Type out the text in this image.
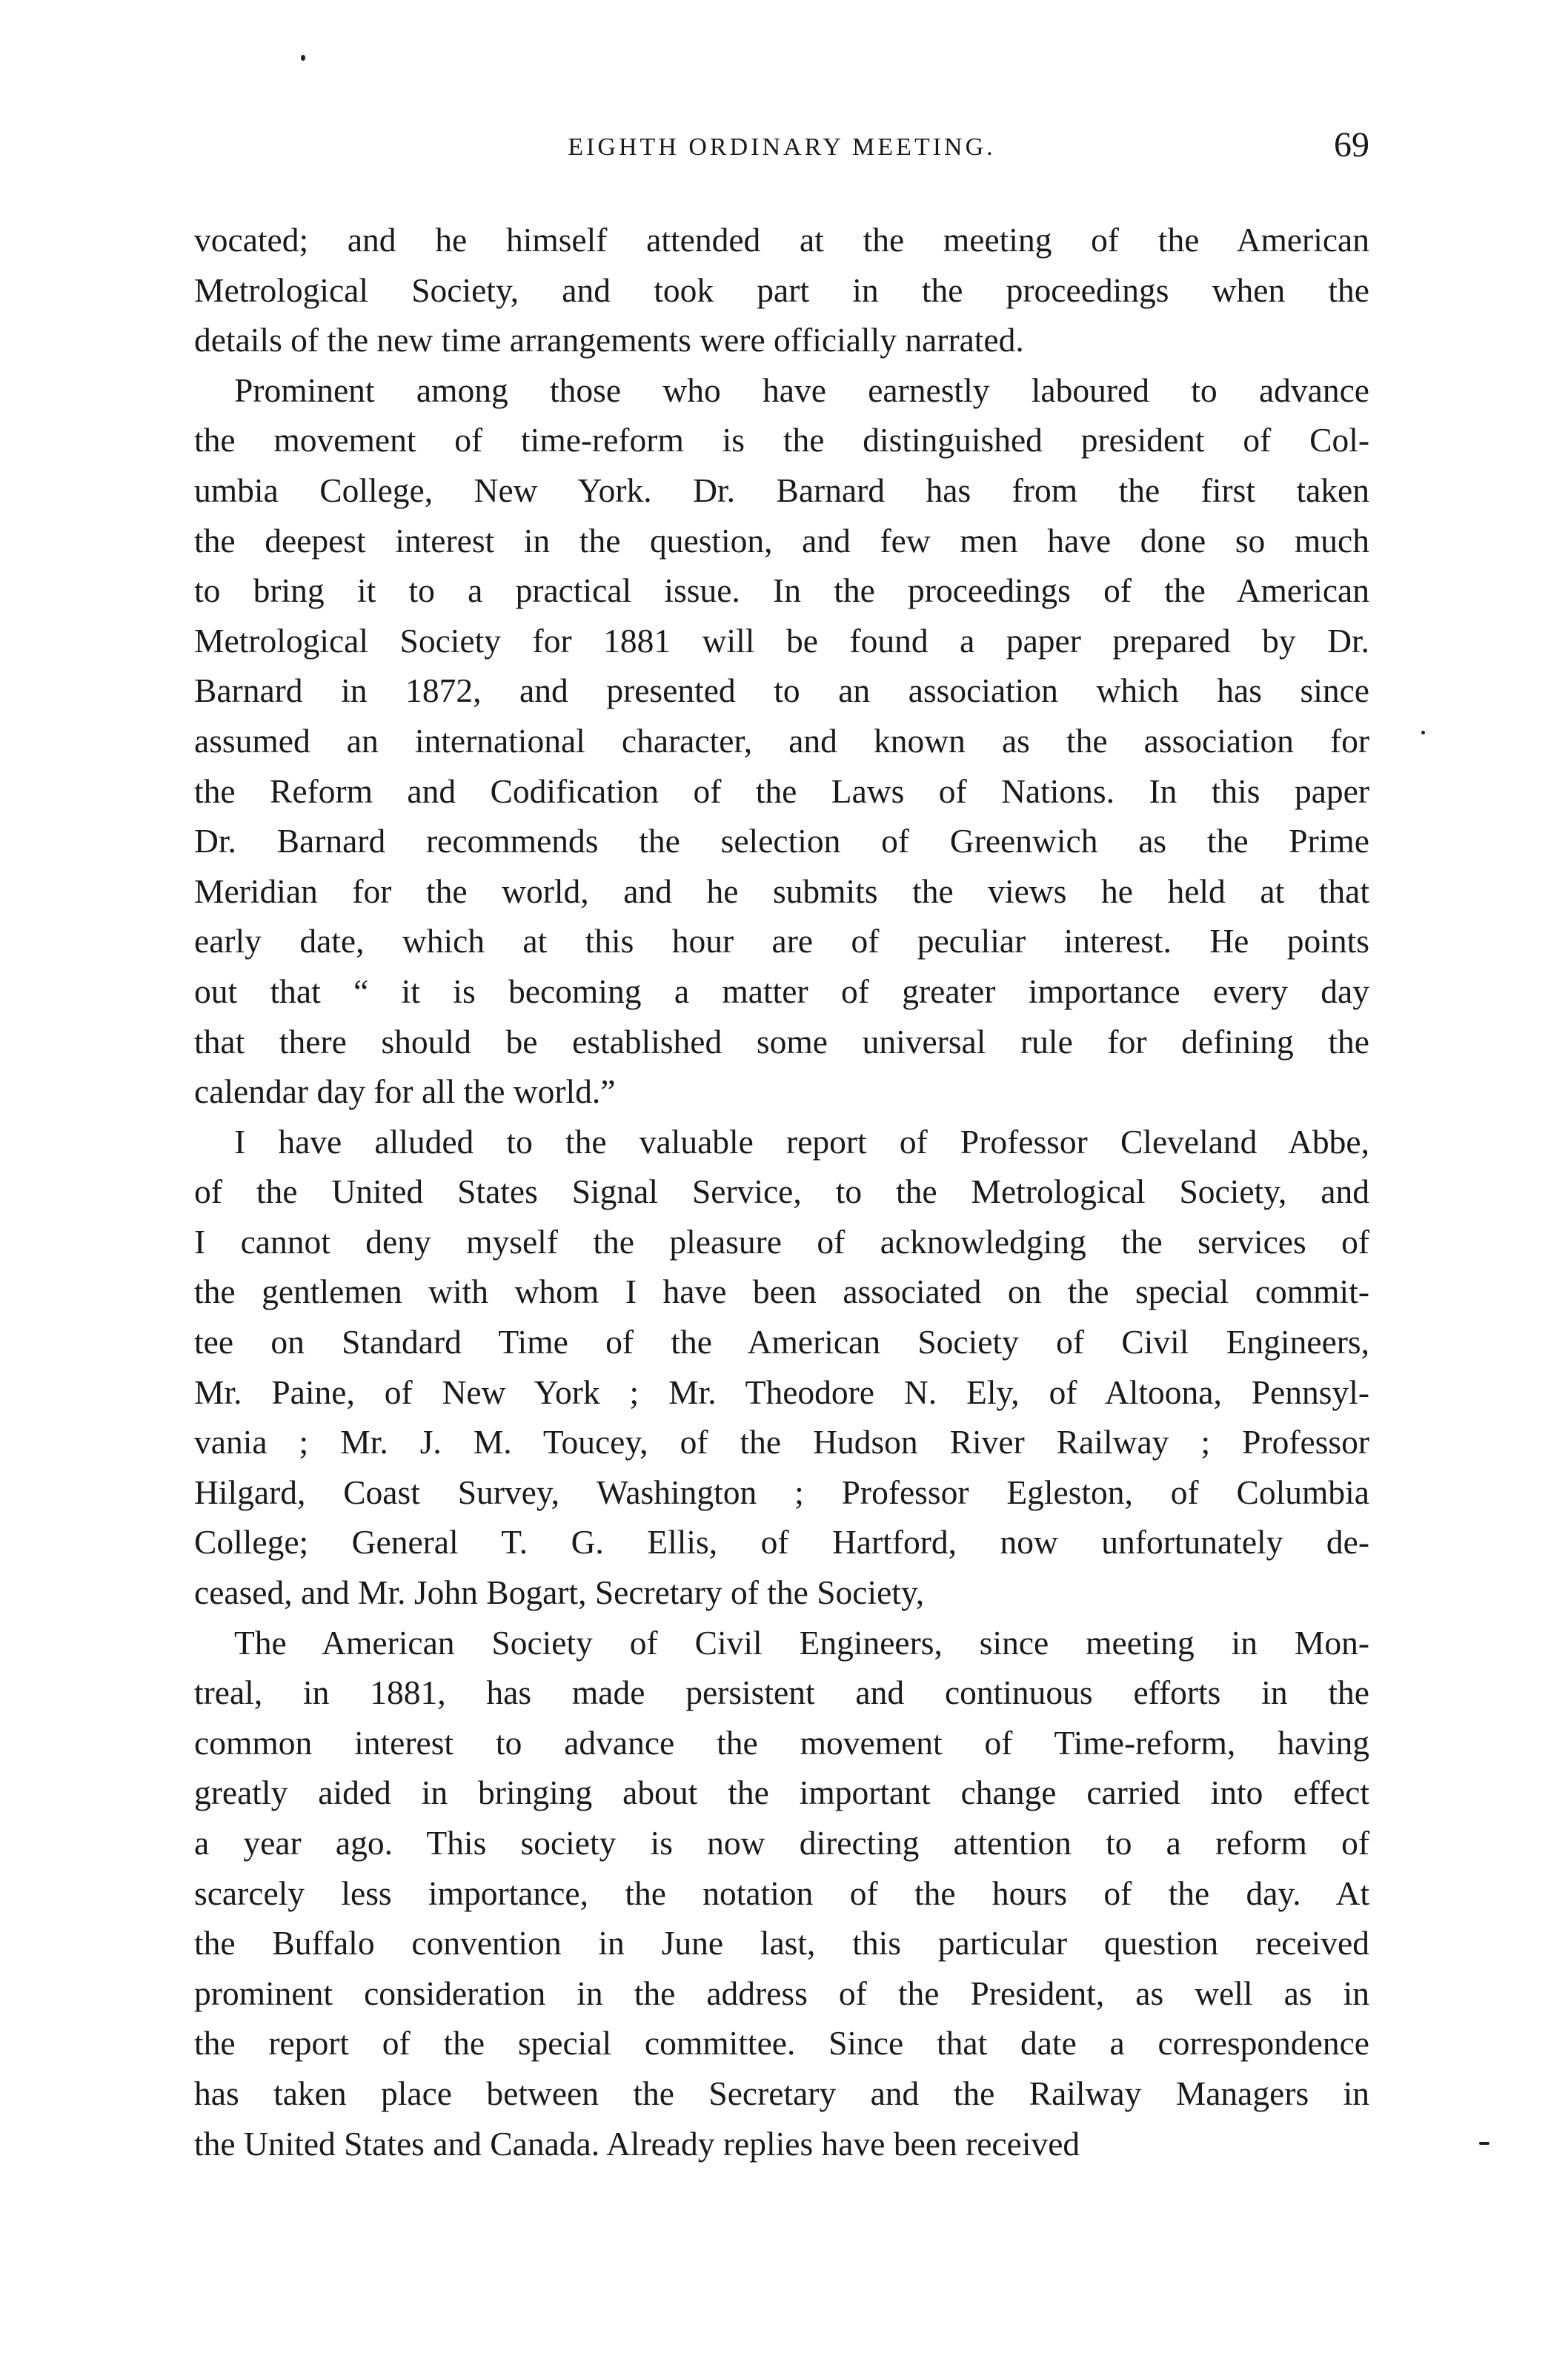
EIGHTH ORDINARY MEETING.	69
vocated; and he himself attended at the meeting of the American
Metrological Society, and took part in the proceedings when the
details of the new time arrangements were officially narrated.
Prominent among those who have earnestly laboured to advance
the movement of time-reform is the distinguished president of Col-
umbia College, New York. Dr. Barnard has from the first taken
the deepest interest in the question, and few men have done so much
to bring it to a practical issue. In the proceedings of the American
Metrological Society for 1881 will be found a paper prepared by Dr.
Barnard in 1872, and presented to an association which has since
assumed an international character, and known as the association for
the Reform and Codification of the Laws of Nations. In this paper
Dr. Barnard recommends the selection of Greenwich as the Prime
Meridian for the world, and he submits the views he held at that
early date, which at this hour are of peculiar interest. He points
out that “ it is becoming a matter of greater importance every day
that there should be established some universal rule for defining the
calendar day for all the world.”
I have alluded to the valuable report of Professor Cleveland Abbe,
of the United States Signal Service, to the Metrological Society, and
I cannot deny myself the pleasure of acknowledging the services of
the gentlemen with whom I have been associated on the special commit-
tee on Standard Time of the American Society of Civil Engineers,
Mr. Paine, of New York ; Mr. Theodore N. Ely, of Altoona, Pennsyl-
vania ; Mr. J. M. Toucey, of the Hudson River Railway ; Professor
Hilgard, Coast Survey, Washington ; Professor Egleston, of Columbia
College; General T. G. Ellis, of Hartford, now unfortunately de-
ceased, and Mr. John Bogart, Secretary of the Society,
The American Society of Civil Engineers, since meeting in Mon-
treal, in 1881, has made persistent and continuous efforts in the
common interest to advance the movement of Time-reform, having
greatly aided in bringing about the important change carried into effect
a year ago. This society is now directing attention to a reform of
scarcely less importance, the notation of the hours of the day. At
the Buffalo convention in June last, this particular question received
prominent consideration in the address of the President, as well as in
the report of the special committee. Since that date a correspondence
has taken place between the Secretary and the Railway Managers in
the United States and Canada. Already replies have been received
